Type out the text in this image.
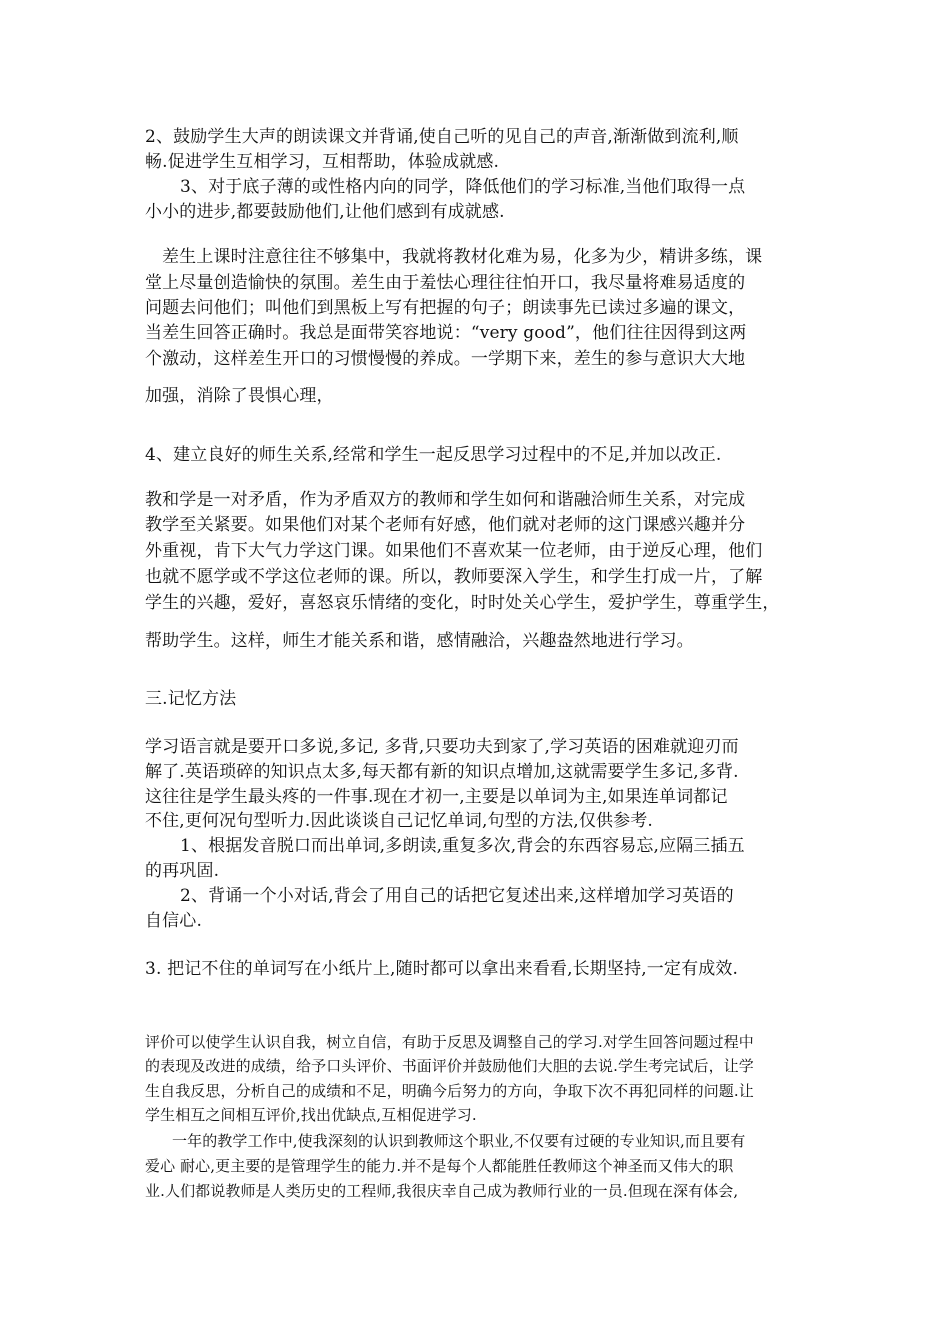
2、鼓励学生大声的朗读课文并背诵,使自己听的见自己的声音,渐渐做到流利,顺

畅.促进学生互相学习，互相帮助，体验成就感.

3、对于底子薄的或性格内向的同学，降低他们的学习标准,当他们取得一点

小小的进步,都要鼓励他们,让他们感到有成就感.

差生上课时注意往往不够集中，我就将教材化难为易，化多为少，精讲多练，课

堂上尽量创造愉快的氛围。差生由于羞怯心理往往怕开口，我尽量将难易适度的

问题去问他们；叫他们到黑板上写有把握的句子；朗读事先已读过多遍的课文，

当差生回答正确时。我总是面带笑容地说：“very good”，他们往往因得到这两

个激动，这样差生开口的习惯慢慢的养成。一学期下来，差生的参与意识大大地

加强，消除了畏惧心理，

4、建立良好的师生关系,经常和学生一起反思学习过程中的不足,并加以改正.

教和学是一对矛盾，作为矛盾双方的教师和学生如何和谐融洽师生关系，对完成

教学至关紧要。如果他们对某个老师有好感，他们就对老师的这门课感兴趣并分

外重视，肯下大气力学这门课。如果他们不喜欢某一位老师，由于逆反心理，他们

也就不愿学或不学这位老师的课。所以，教师要深入学生，和学生打成一片，了解

学生的兴趣，爱好，喜怒哀乐情绪的变化，时时处关心学生，爱护学生，尊重学生，

帮助学生。这样，师生才能关系和谐，感情融洽，兴趣盎然地进行学习。

三.记忆方法

学习语言就是要开口多说,多记, 多背,只要功夫到家了,学习英语的困难就迎刃而

解了.英语琐碎的知识点太多,每天都有新的知识点增加,这就需要学生多记,多背.

这往往是学生最头疼的一件事.现在才初一,主要是以单词为主,如果连单词都记

不住,更何况句型听力.因此谈谈自己记忆单词,句型的方法,仅供参考.

1、根据发音脱口而出单词,多朗读,重复多次,背会的东西容易忘,应隔三插五

的再巩固.

2、背诵一个小对话,背会了用自己的话把它复述出来,这样增加学习英语的

自信心.

3. 把记不住的单词写在小纸片上,随时都可以拿出来看看,长期坚持,一定有成效.

评价可以使学生认识自我，树立自信，有助于反思及调整自己的学习.对学生回答问题过程中

的表现及改进的成绩，给予口头评价、书面评价并鼓励他们大胆的去说.学生考完试后，让学

生自我反思，分析自己的成绩和不足，明确今后努力的方向，争取下次不再犯同样的问题.让

学生相互之间相互评价,找出优缺点,互相促进学习.

一年的教学工作中,使我深刻的认识到教师这个职业,不仅要有过硬的专业知识,而且要有

爱心 耐心,更主要的是管理学生的能力.并不是每个人都能胜任教师这个神圣而又伟大的职

业.人们都说教师是人类历史的工程师,我很庆幸自己成为教师行业的一员.但现在深有体会,
